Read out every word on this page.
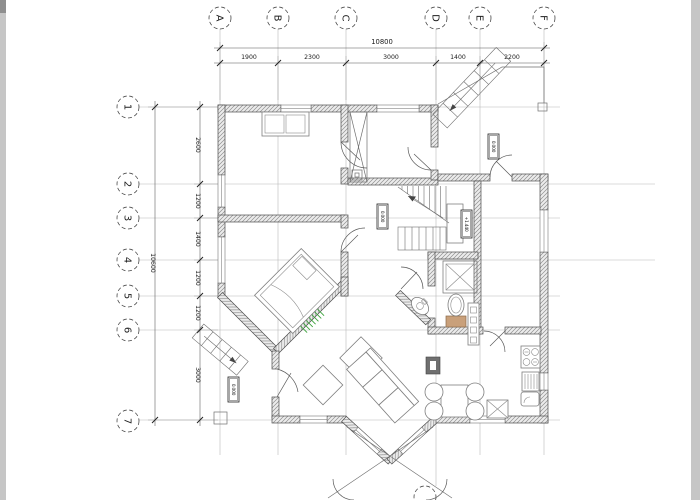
A	B	C	D	E	F
1
2
3
4
5
6
7
10800
1900	2300	3000	1400	2200
10600
2600
1200
1400
1200
1200
3000
0.000	+1.440
0.000
0.000
